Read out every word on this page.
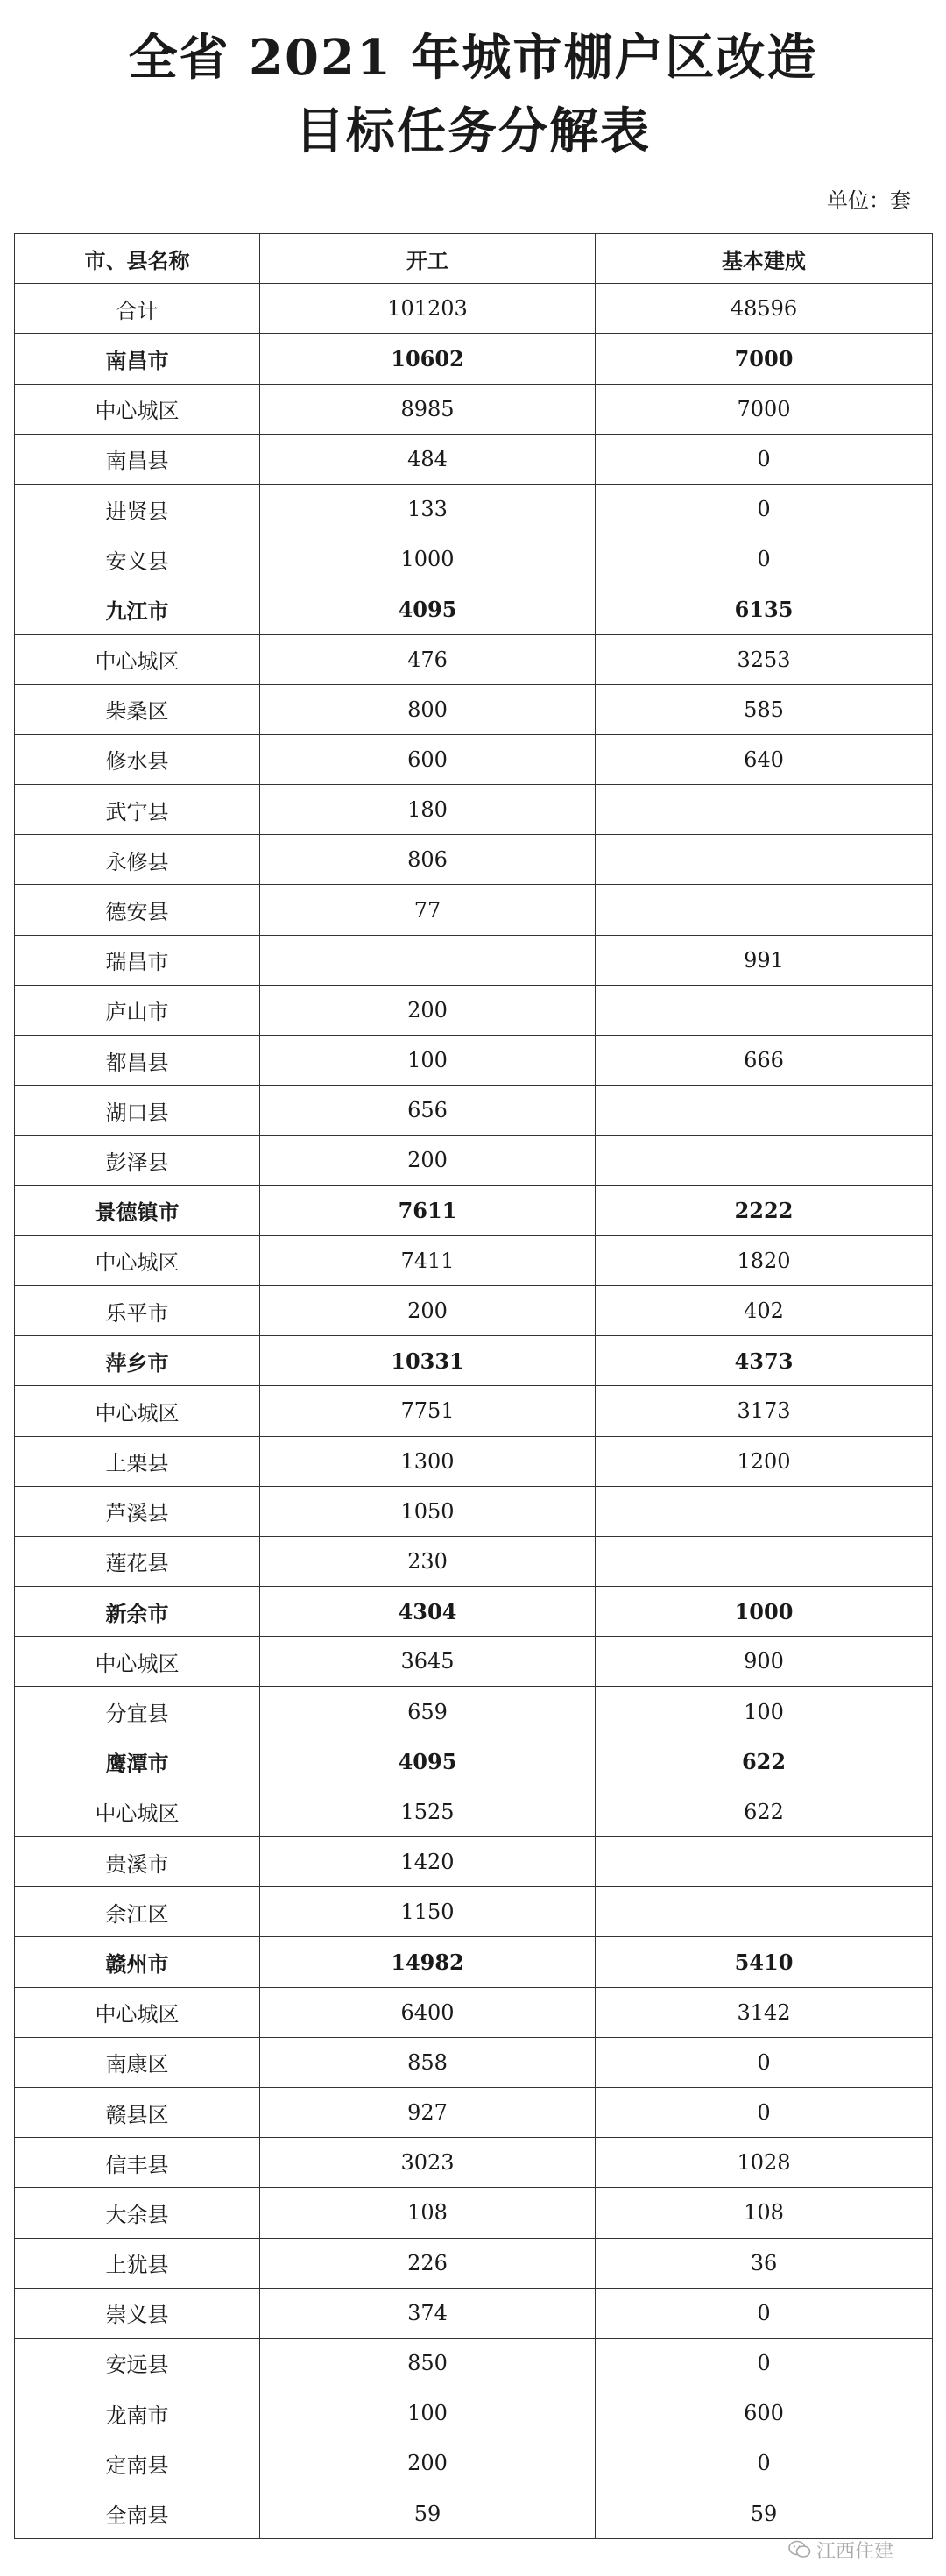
全省 2021 年城市棚户区改造
目标任务分解表
单位：套
市、县名称	开工	基本建成
合计	101203	48596
南昌市	10602	7000
中心城区	8985	7000
南昌县	484	0
进贤县	133	0
安义县	1000	0
九江市	4095	6135
中心城区	476	3253
柴桑区	800	585
修水县	600	640
武宁县	180	
永修县	806	
德安县	77	
瑞昌市		991
庐山市	200	
都昌县	100	666
湖口县	656	
彭泽县	200	
景德镇市	7611	2222
中心城区	7411	1820
乐平市	200	402
萍乡市	10331	4373
中心城区	7751	3173
上栗县	1300	1200
芦溪县	1050	
莲花县	230	
新余市	4304	1000
中心城区	3645	900
分宜县	659	100
鹰潭市	4095	622
中心城区	1525	622
贵溪市	1420	
余江区	1150	
赣州市	14982	5410
中心城区	6400	3142
南康区	858	0
赣县区	927	0
信丰县	3023	1028
大余县	108	108
上犹县	226	36
崇义县	374	0
安远县	850	0
龙南市	100	600
定南县	200	0
全南县	59	59
江西住建
